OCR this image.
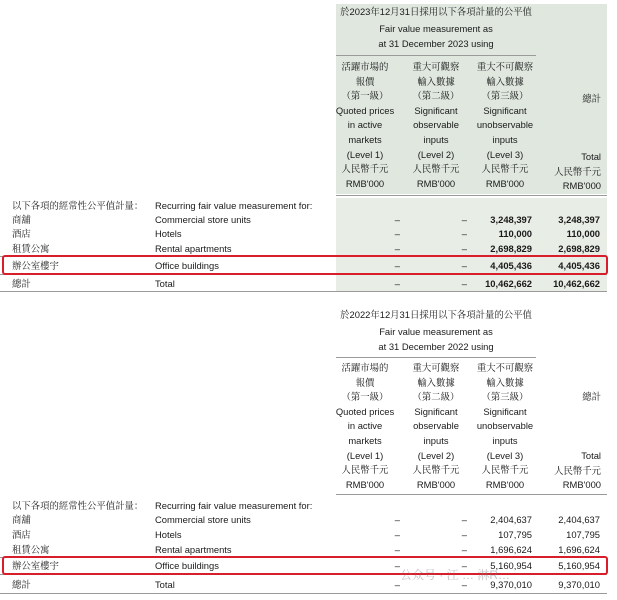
於2023年12月31日採用以下各項計量的公平值
Fair value measurement as
at 31 December 2023 using
活躍市場的
報價
（第一級）
Quoted prices
in active
markets
(Level 1)
人民幣千元
RMB'000
重大可觀察
輸入數據
（第二級）
Significant
observable
inputs
(Level 2)
人民幣千元
RMB'000
重大不可觀察
輸入數據
（第三級）
Significant
unobservable
inputs
(Level 3)
人民幣千元
RMB'000
總計
Total
人民幣千元
RMB'000
以下各項的經常性公平值計量： Recurring fair value measurement for:
商舖	Commercial store units	–	–	3,248,397	3,248,397
酒店	Hotels	–	–	110,000	110,000
租賃公寓	Rental apartments	–	–	2,698,829	2,698,829
辦公室樓宇	Office buildings	–	–	4,405,436	4,405,436
總計	Total	–	–	10,462,662	10,462,662
於2022年12月31日採用以下各項計量的公平值
Fair value measurement as
at 31 December 2022 using
活躍市場的
報價
（第一級）
Quoted prices
in active
markets
(Level 1)
人民幣千元
RMB'000
重大可觀察
輸入數據
（第二級）
Significant
observable
inputs
(Level 2)
人民幣千元
RMB'000
重大不可觀察
輸入數據
（第三級）
Significant
unobservable
inputs
(Level 3)
人民幣千元
RMB'000
總計
Total
人民幣千元
RMB'000
以下各項的經常性公平值計量： Recurring fair value measurement for:
商舖	Commercial store units	–	–	2,404,637	2,404,637
酒店	Hotels	–	–	107,795	107,795
租賃公寓	Rental apartments	–	–	1,696,624	1,696,624
辦公室樓宇	Office buildings	–	–	5,160,954	5,160,954
總計	Total	–	–	9,370,010	9,370,010
公众号 · 江 … 淋R…
